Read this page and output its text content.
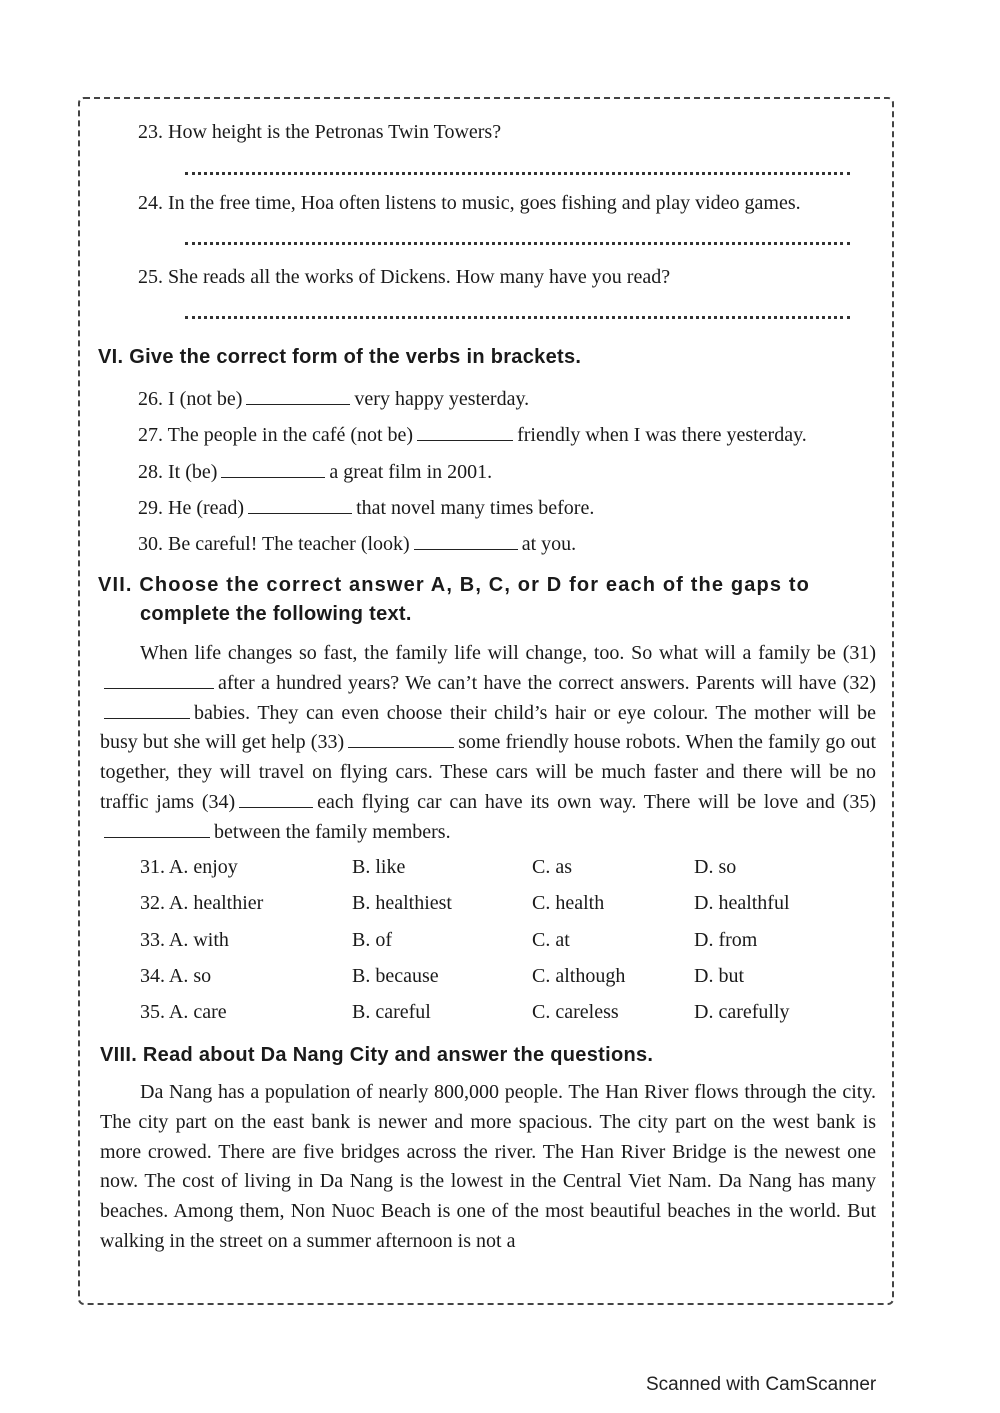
23. How height is the Petronas Twin Towers?
24. In the free time, Hoa often listens to music, goes fishing and play video games.
25. She reads all the works of Dickens. How many have you read?
VI. Give the correct form of the verbs in brackets.
26. I (not be)	very happy yesterday.
27. The people in the café (not be)	friendly when I was there yesterday.
28. It (be)	a great film in 2001.
29. He (read)	that novel many times before.
30. Be careful! The teacher (look)	at you.
VII. Choose the correct answer A, B, C, or D for each of the gaps to
complete the following text.
When life changes so fast, the family life will change, too. So what will a family be (31)after a hundred years? We can’t have the correct answers. Parents will have (32)babies. They can even choose their child’s hair or eye colour. The mother will be busy but she will get help (33)	some friendly house robots. When the family go out together, they will travel on flying cars. These cars will be much faster and there will be no traffic jams (34)	each flying car can have its own way. There will be love and (35)between the family members.
31. A. enjoy	B. like	C. as	D. so
32. A. healthier	B. healthiest	C. health	D. healthful
33. A. with	B. of	C. at	D. from
34. A. so	B. because	C. although	D. but
35. A. care	B. careful	C. careless	D. carefully
VIII. Read about Da Nang City and answer the questions.
Da Nang has a population of nearly 800,000 people. The Han River flows through the city. The city part on the east bank is newer and more spacious. The city part on the west bank is more crowed. There are five bridges across the river. The Han River Bridge is the newest one now. The cost of living in Da Nang is the lowest in the Central Viet Nam. Da Nang has many beaches. Among them, Non Nuoc Beach is one of the most beautiful beaches in the world. But walking in the street on a summer afternoon is not a
Scanned with CamScanner
